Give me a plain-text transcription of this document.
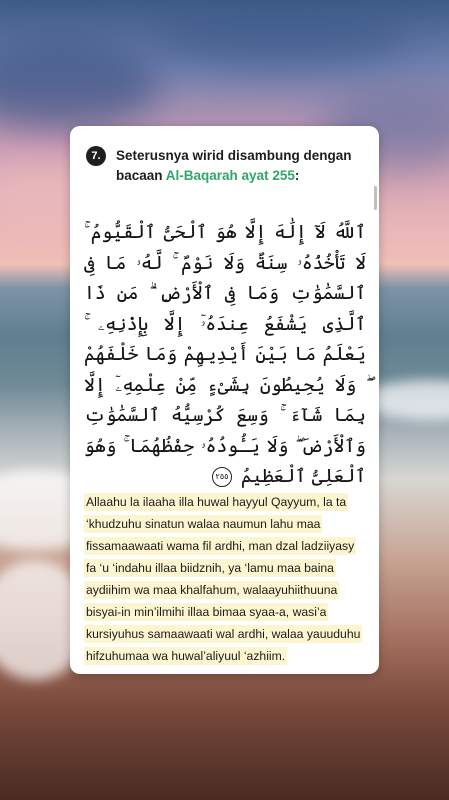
7.	Seterusnya wirid disambung dengan bacaan Al-Baqarah ayat 255:
ٱللَّهُ لَآ إِلَٰهَ إِلَّا هُوَ ٱلْحَىُّ ٱلْقَيُّومُ ۚ لَا تَأْخُذُهُۥ سِنَةٌ وَلَا نَوْمٌ ۚ لَّهُۥ مَا فِى ٱلسَّمَٰوَٰتِ وَمَا فِى ٱلْأَرْضِ ۗ مَن ذَا ٱلَّذِى يَشْفَعُ عِندَهُۥٓ إِلَّا بِإِذْنِهِۦ ۚ يَعْلَمُ مَا بَيْنَ أَيْدِيهِمْ وَمَا خَلْفَهُمْ ۖ وَلَا يُحِيطُونَ بِشَىْءٍ مِّنْ عِلْمِهِۦٓ إِلَّا بِمَا شَآءَ ۚ وَسِعَ كُرْسِيُّهُ ٱلسَّمَٰوَٰتِ وَٱلْأَرْضَ ۖ وَلَا يَـُٔودُهُۥ حِفْظُهُمَا ۚ وَهُوَ ٱلْعَلِىُّ ٱلْعَظِيمُ ٢٥٥
Allaahu la ilaaha illa huwal hayyul Qayyum, la ta ‘khudzuhu sinatun walaa naumun lahu maa fissamaawaati wama fil ardhi, man dzal ladziiyasy fa ‘u ‘indahu illaa biidznih, ya ‘lamu maa baina aydiihim wa maa khalfahum, walaayuhiithuuna bisyai-in min’ilmihi illaa bimaa syaa-a, wasi’a kursiyuhus samaawaati wal ardhi, walaa yauuduhu hifzuhumaa wa huwal’aliyuul ‘azhiim.
